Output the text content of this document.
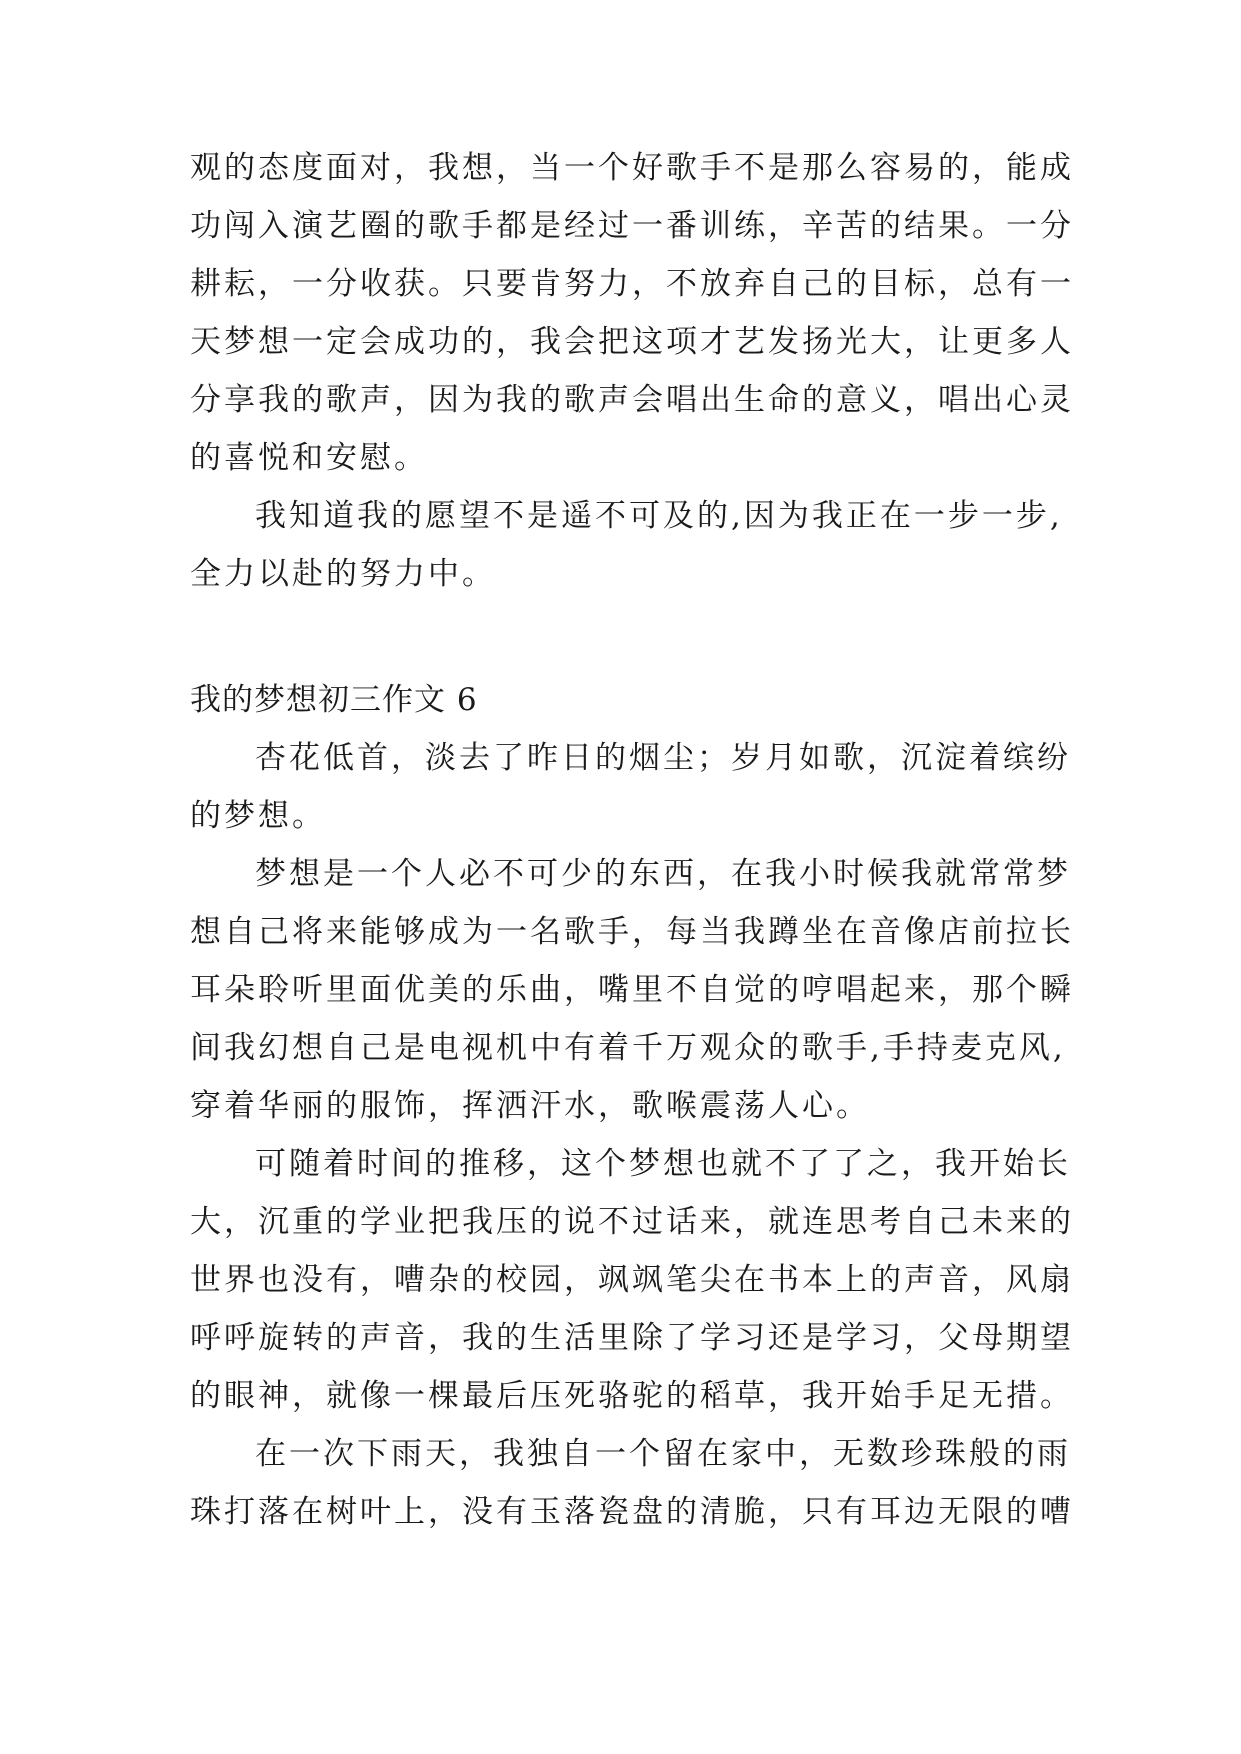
观的态度面对，我想，当一个好歌手不是那么容易的，能成

功闯入演艺圈的歌手都是经过一番训练，辛苦的结果。一分

耕耘，一分收获。只要肯努力，不放弃自己的目标，总有一

天梦想一定会成功的，我会把这项才艺发扬光大，让更多人

分享我的歌声，因为我的歌声会唱出生命的意义，唱出心灵

的喜悦和安慰。

我知道我的愿望不是遥不可及的,因为我正在一步一步,

全力以赴的努力中。

我的梦想初三作文 6

杏花低首，淡去了昨日的烟尘；岁月如歌，沉淀着缤纷

的梦想。

梦想是一个人必不可少的东西，在我小时候我就常常梦

想自己将来能够成为一名歌手，每当我蹲坐在音像店前拉长

耳朵聆听里面优美的乐曲，嘴里不自觉的哼唱起来，那个瞬

间我幻想自己是电视机中有着千万观众的歌手,手持麦克风,

穿着华丽的服饰，挥洒汗水，歌喉震荡人心。

可随着时间的推移，这个梦想也就不了了之，我开始长

大，沉重的学业把我压的说不过话来，就连思考自己未来的

世界也没有，嘈杂的校园，飒飒笔尖在书本上的声音，风扇

呼呼旋转的声音，我的生活里除了学习还是学习，父母期望

的眼神，就像一棵最后压死骆驼的稻草，我开始手足无措。

在一次下雨天，我独自一个留在家中，无数珍珠般的雨

珠打落在树叶上，没有玉落瓷盘的清脆，只有耳边无限的嘈
